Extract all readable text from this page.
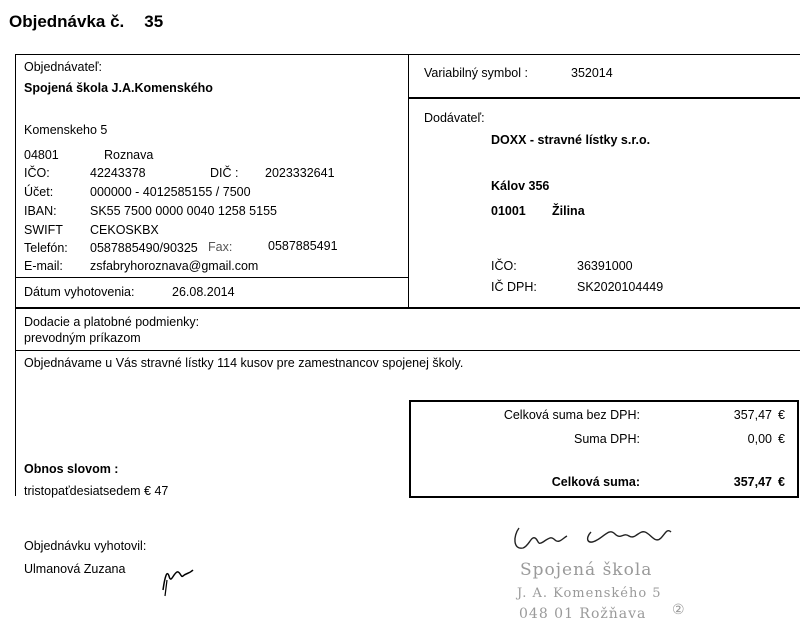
Objednávka č. 35
Objednávateľ:
Spojená škola J.A.Komenského
Komenskeho 5
04801	Roznava
IČO:	42243378	DIČ : 2023332641
Účet:	000000 - 4012585155 / 7500
IBAN:	SK55 7500 0000 0040 1258 5155
SWIFT CEKOSKBX
Telefón: 0587885490/90325 Fax:	0587885491
E-mail: zsfabryhoroznava@gmail.com
Dátum vyhotovenia:	26.08.2014
Variabilný symbol :	352014
Dodávateľ:
DOXX - stravné lístky s.r.o.
Kálov 356
01001 Žilina
IČO:	36391000
IČ DPH:	SK2020104449
Dodacie a platobné podmienky:
prevodným príkazom
Objednávame u Vás stravné lístky 114 kusov pre zamestnancov spojenej školy.
Celková suma bez DPH:	357,47 €
Suma DPH:	0,00 €
Celková suma:	357,47 €
Obnos slovom :
tristopaťdesiatsedem € 47
Objednávku vyhotovil:
Ulmanová Zuzana	Spojená škola
J. A. Komenského 5
048 01 Rožňava ②
